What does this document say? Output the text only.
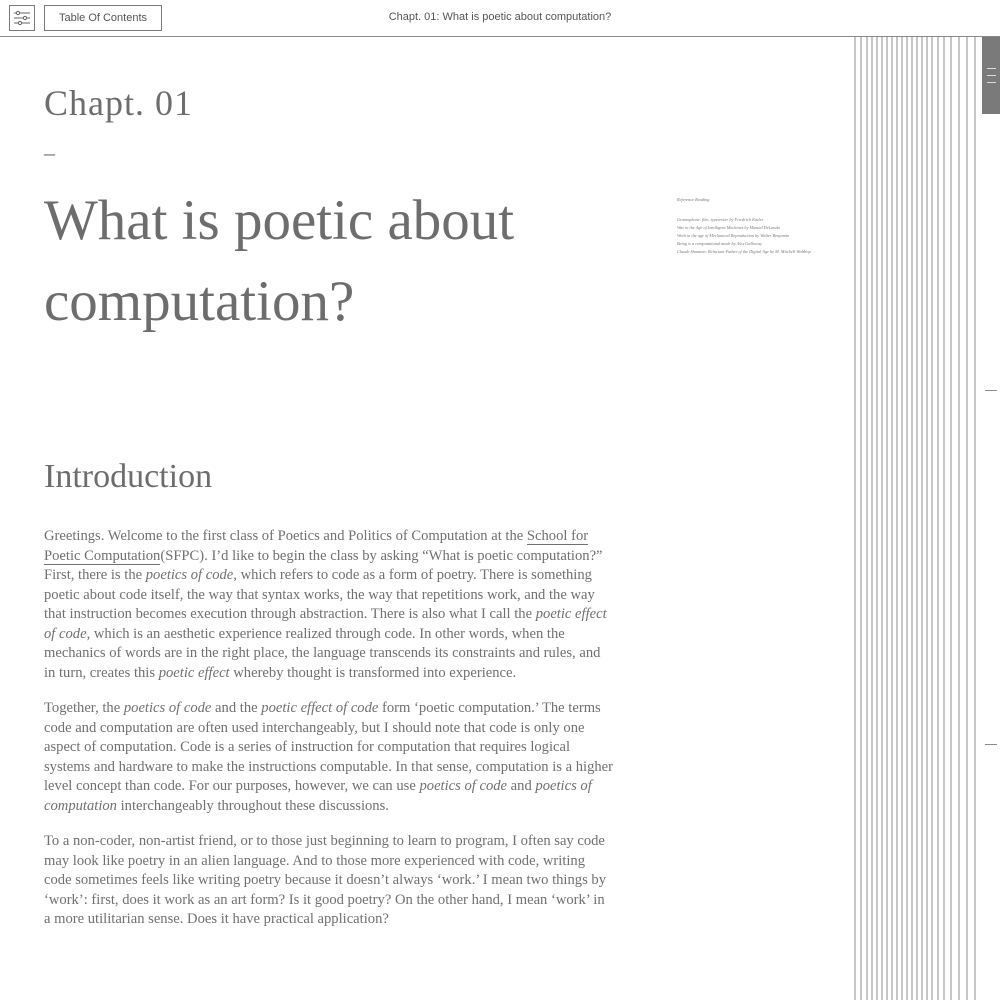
Table Of Contents	Chapt. 01: What is poetic about computation?
Chapt. 01
–
What is poetic about
computation?
Reference Reading
Gramophone, film, typewriter by Friedrich Kittler
War in the Age of Intelligent Machines by Manuel DeLanda
Work in the age of Mechanical Reproduction by Walter Benjamin
Being is a computational mode by Alex Galloway
Claude Shannon: Reluctant Father of the Digital Age by M. Mitchell Waldrop
Introduction

Greetings. Welcome to the first class of Poetics and Politics of Computation at the School for Poetic Computation(SFPC). I’d like to begin the class by asking “What is poetic computation?” First, there is the poetics of code, which refers to code as a form of poetry. There is something poetic about code itself, the way that syntax works, the way that repetitions work, and the way that instruction becomes execution through abstraction. There is also what I call the poetic effect of code, which is an aesthetic experience realized through code. In other words, when the mechanics of words are in the right place, the language transcends its constraints and rules, and in turn, creates this poetic effect whereby thought is transformed into experience.

Together, the poetics of code and the poetic effect of code form ‘poetic computation.’ The terms code and computation are often used interchangeably, but I should note that code is only one aspect of computation. Code is a series of instruction for computation that requires logical systems and hardware to make the instructions computable. In that sense, computation is a higher level concept than code. For our purposes, however, we can use poetics of code and poetics of computation interchangeably throughout these discussions.

To a non-coder, non-artist friend, or to those just beginning to learn to program, I often say code may look like poetry in an alien language. And to those more experienced with code, writing code sometimes feels like writing poetry because it doesn’t always ‘work.’ I mean two things by ‘work’: first, does it work as an art form? Is it good poetry? On the other hand, I mean ‘work’ in a more utilitarian sense. Does it have practical application?
